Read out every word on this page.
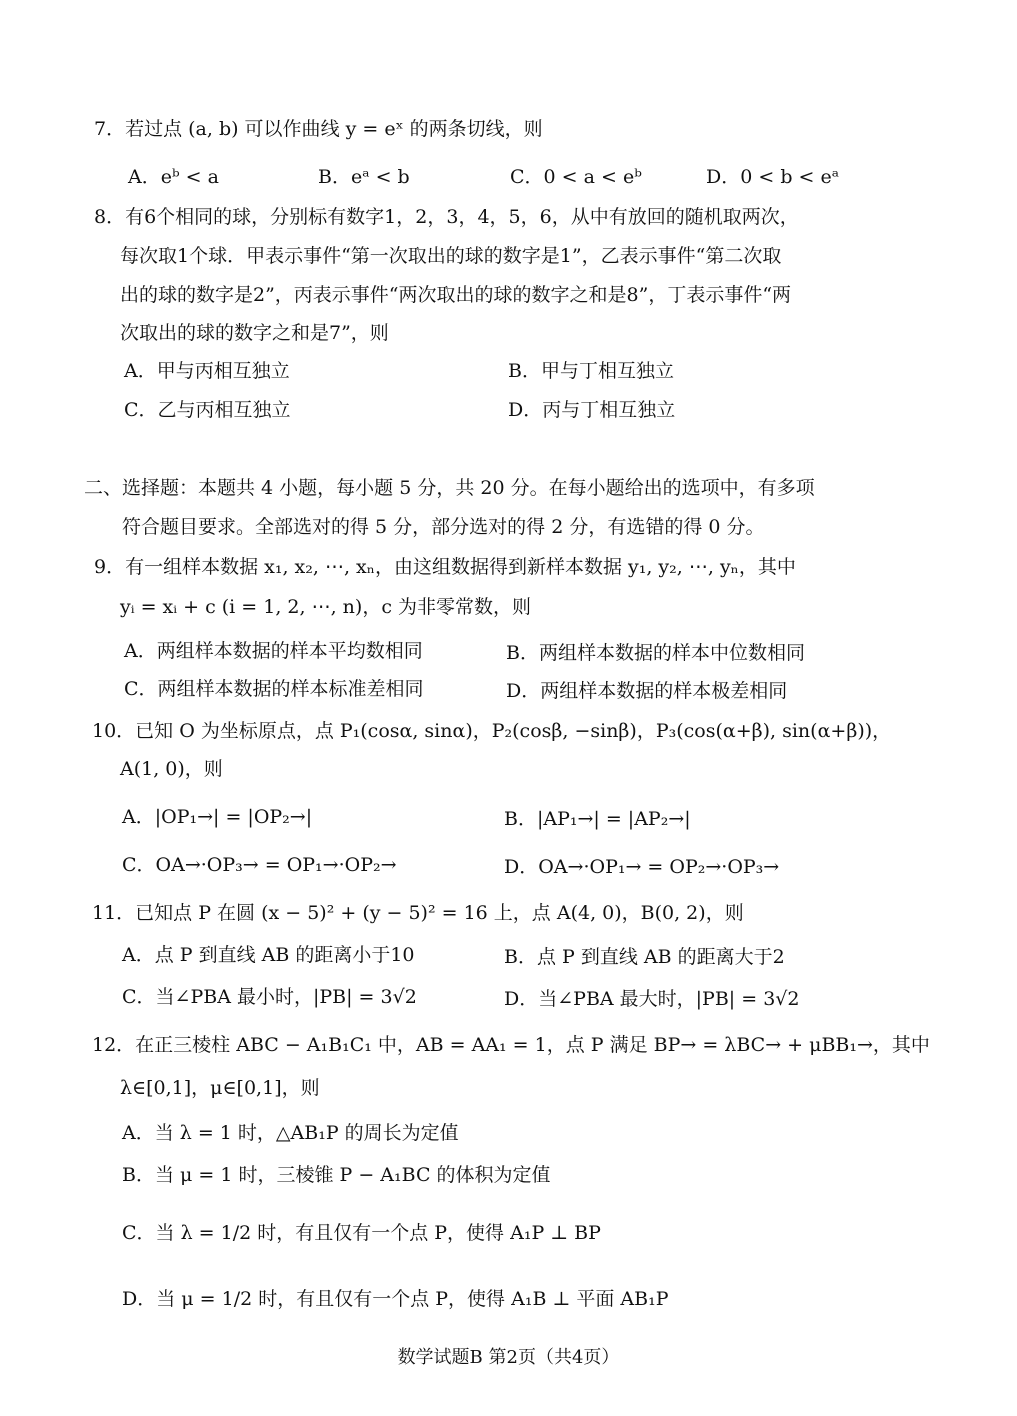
7．若过点 (a, b) 可以作曲线 y = eˣ 的两条切线，则
A．eᵇ < a	B．eᵃ < b	C．0 < a < eᵇ	D．0 < b < eᵃ
8．有6个相同的球，分别标有数字1，2，3，4，5，6，从中有放回的随机取两次，
每次取1个球．甲表示事件“第一次取出的球的数字是1”，乙表示事件“第二次取
出的球的数字是2”，丙表示事件“两次取出的球的数字之和是8”，丁表示事件“两
次取出的球的数字之和是7”，则
A．甲与丙相互独立	B．甲与丁相互独立
C．乙与丙相互独立	D．丙与丁相互独立
二、选择题：本题共 4 小题，每小题 5 分，共 20 分。在每小题给出的选项中，有多项
符合题目要求。全部选对的得 5 分，部分选对的得 2 分，有选错的得 0 分。
9．有一组样本数据 x₁, x₂, ⋯, xₙ，由这组数据得到新样本数据 y₁, y₂, ⋯, yₙ，其中
yᵢ = xᵢ + c (i = 1, 2, ⋯, n)，c 为非零常数，则
A．两组样本数据的样本平均数相同	B．两组样本数据的样本中位数相同
C．两组样本数据的样本标准差相同	D．两组样本数据的样本极差相同
10．已知 O 为坐标原点，点 P₁(cosα, sinα)，P₂(cosβ, −sinβ)，P₃(cos(α+β), sin(α+β))，
A(1, 0)，则
A．|OP₁→| = |OP₂→|	B．|AP₁→| = |AP₂→|
C．OA→·OP₃→ = OP₁→·OP₂→	D．OA→·OP₁→ = OP₂→·OP₃→
11．已知点 P 在圆 (x − 5)² + (y − 5)² = 16 上，点 A(4, 0)，B(0, 2)，则
A．点 P 到直线 AB 的距离小于10	B．点 P 到直线 AB 的距离大于2
C．当∠PBA 最小时，|PB| = 3√2	D．当∠PBA 最大时，|PB| = 3√2
12．在正三棱柱 ABC − A₁B₁C₁ 中，AB = AA₁ = 1，点 P 满足 BP→ = λBC→ + μBB₁→，其中
λ∈[0,1]，μ∈[0,1]，则
A．当 λ = 1 时，△AB₁P 的周长为定值
B．当 μ = 1 时，三棱锥 P − A₁BC 的体积为定值
C．当 λ = 1/2 时，有且仅有一个点 P，使得 A₁P ⊥ BP
D．当 μ = 1/2 时，有且仅有一个点 P，使得 A₁B ⊥ 平面 AB₁P
数学试题B 第2页（共4页）
